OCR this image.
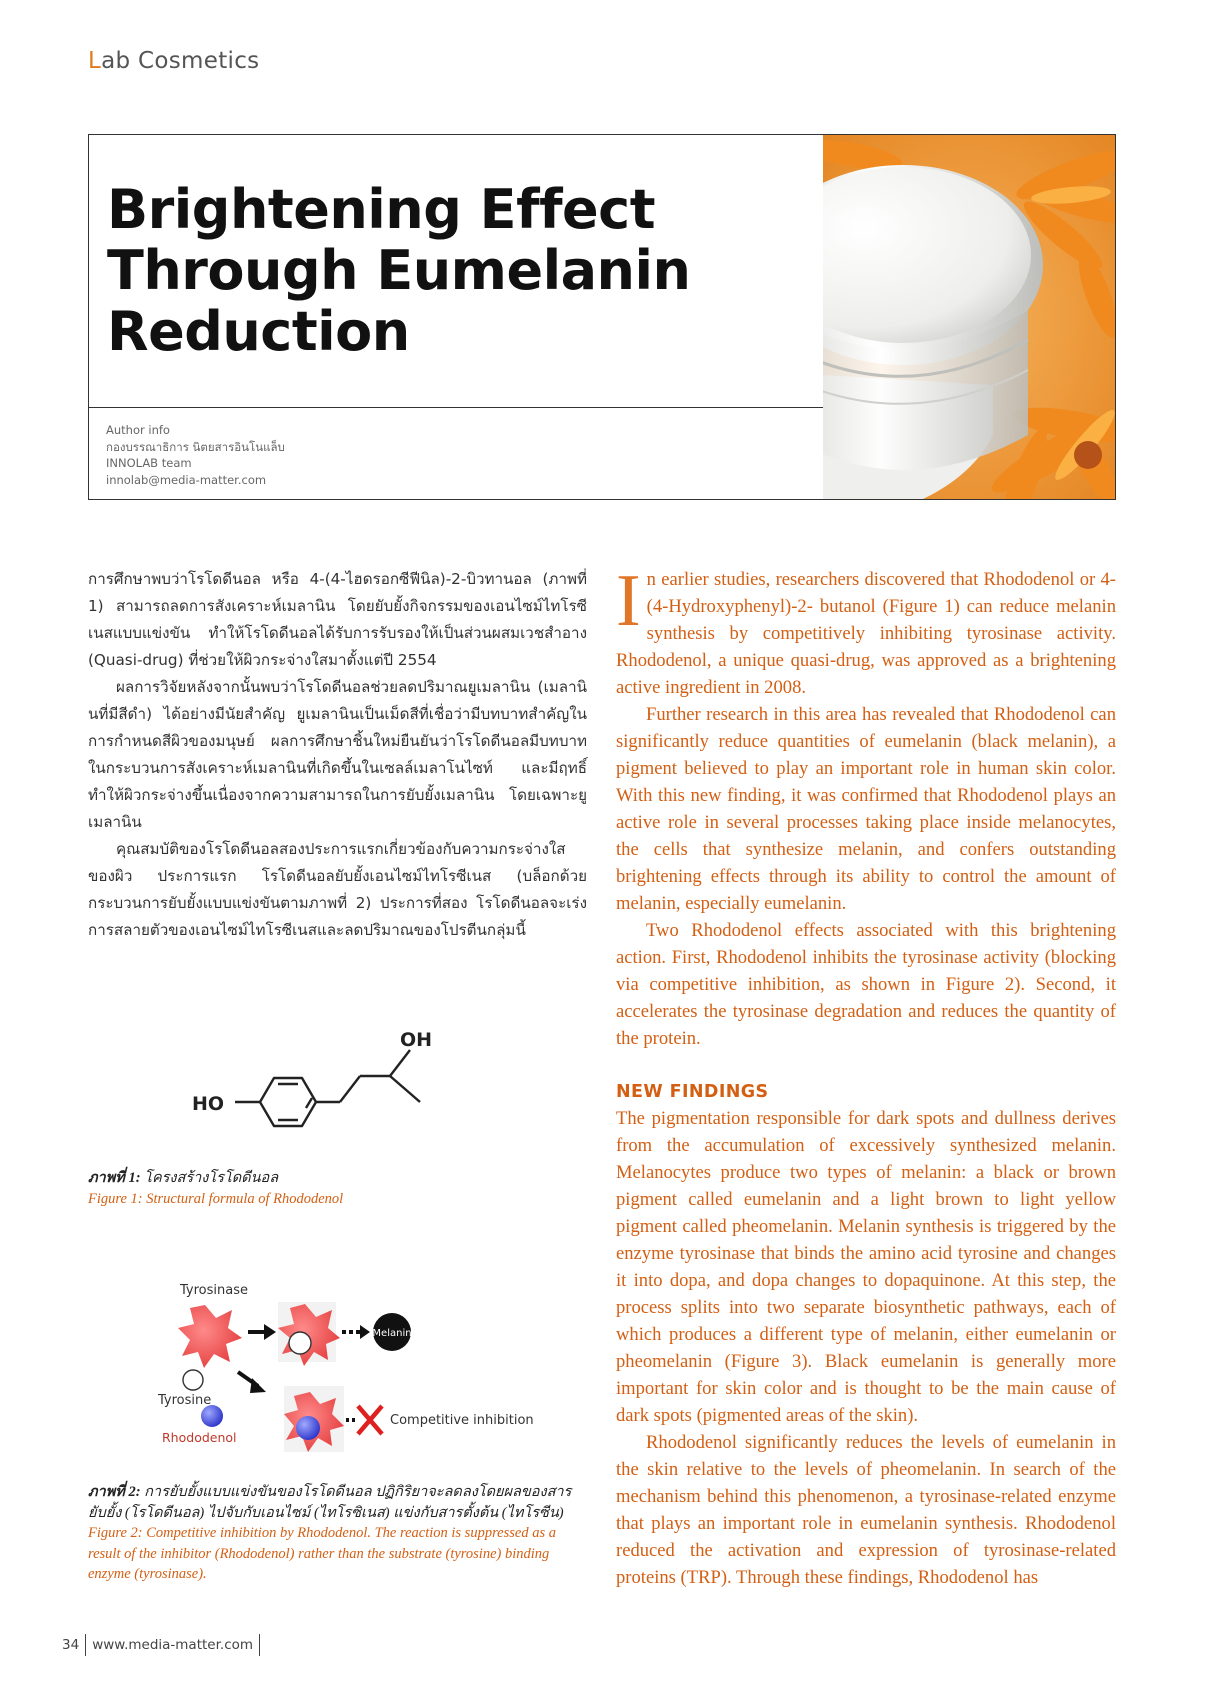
Lab Cosmetics
Brightening Effect
Through Eumelanin
Reduction
Author info
กองบรรณาธิการ นิตยสารอินโนแล็บ
INNOLAB team
innolab@media-matter.com

การศึกษาพบว่าโรโดดีนอล หรือ 4-(4-ไฮดรอกซีฟีนิล)-2-บิวทานอล (ภาพที่ 1) สามารถลดการสังเคราะห์เมลานิน โดยยับยั้งกิจกรรมของเอนไซม์ไทโรซีเนสแบบแข่งขัน ทำให้โรโดดีนอลได้รับการรับรองให้เป็นส่วนผสมเวชสำอาง (Quasi-drug) ที่ช่วยให้ผิวกระจ่างใสมาตั้งแต่ปี 2554

ผลการวิจัยหลังจากนั้นพบว่าโรโดดีนอลช่วยลดปริมาณยูเมลานิน (เมลานินที่มีสีดำ) ได้อย่างมีนัยสำคัญ ยูเมลานินเป็นเม็ดสีที่เชื่อว่ามีบทบาทสำคัญในการกำหนดสีผิวของมนุษย์ ผลการศึกษาชิ้นใหม่ยืนยันว่าโรโดดีนอลมีบทบาทในกระบวนการสังเคราะห์เมลานินที่เกิดขึ้นในเซลล์เมลาโนไซท์ และมีฤทธิ์ทำให้ผิวกระจ่างขึ้นเนื่องจากความสามารถในการยับยั้งเมลานิน โดยเฉพาะยูเมลานิน

คุณสมบัติของโรโดดีนอลสองประการแรกเกี่ยวข้องกับความกระจ่างใสของผิว ประการแรก โรโดดีนอลยับยั้งเอนไซม์ไทโรซีเนส (บล็อกด้วยกระบวนการยับยั้งแบบแข่งขันตามภาพที่ 2) ประการที่สอง โรโดดีนอลจะเร่งการสลายตัวของเอนไซม์ไทโรซีเนสและลดปริมาณของโปรตีนกลุ่มนี้

HO
OH
ภาพที่ 1: โครงสร้างโรโดดีนอล
Figure 1: Structural formula of Rhododenol
Tyrosinase
Tyrosine
Rhododenol
Melanin
Competitive inhibition
ภาพที่ 2: การยับยั้งแบบแข่งขันของโรโดดีนอล ปฏิกิริยาจะลดลงโดยผลของสารยับยั้ง (โรโดดีนอล) ไปจับกับเอนไซม์ (ไทโรซิเนส) แข่งกับสารตั้งต้น (ไทโรซีน)
Figure 2: Competitive inhibition by Rhododenol. The reaction is suppressed as a result of the inhibitor (Rhododenol) rather than the substrate (tyrosine) binding enzyme (tyrosinase).

In earlier studies, researchers discovered that Rhododenol or 4-(4-Hydroxyphenyl)-2- butanol (Figure 1) can reduce melanin synthesis by competitively inhibiting tyrosinase activity. Rhododenol, a unique quasi-drug, was approved as a brightening active ingredient in 2008.

Further research in this area has revealed that Rhododenol can significantly reduce quantities of eumelanin (black melanin), a pigment believed to play an important role in human skin color. With this new finding, it was confirmed that Rhododenol plays an active role in several processes taking place inside melanocytes, the cells that synthesize melanin, and confers outstanding brightening effects through its ability to control the amount of melanin, especially eumelanin.

Two Rhododenol effects associated with this brightening action. First, Rhododenol inhibits the tyrosinase activity (blocking via competitive inhibition, as shown in Figure 2). Second, it accelerates the tyrosinase degradation and reduces the quantity of the protein.

NEW FINDINGS

The pigmentation responsible for dark spots and dullness derives from the accumulation of excessively synthesized melanin. Melanocytes produce two types of melanin: a black or brown pigment called eumelanin and a light brown to light yellow pigment called pheomelanin. Melanin synthesis is triggered by the enzyme tyrosinase that binds the amino acid tyrosine and changes it into dopa, and dopa changes to dopaquinone. At this step, the process splits into two separate biosynthetic pathways, each of which produces a different type of melanin, either eumelanin or pheomelanin (Figure 3). Black eumelanin is generally more important for skin color and is thought to be the main cause of dark spots (pigmented areas of the skin).

Rhododenol significantly reduces the levels of eumelanin in the skin relative to the levels of pheomelanin. In search of the mechanism behind this phenomenon, a tyrosinase-related enzyme that plays an important role in eumelanin synthesis. Rhododenol reduced the activation and expression of tyrosinase-related proteins (TRP). Through these findings, Rhododenol has

34 www.media-matter.com
